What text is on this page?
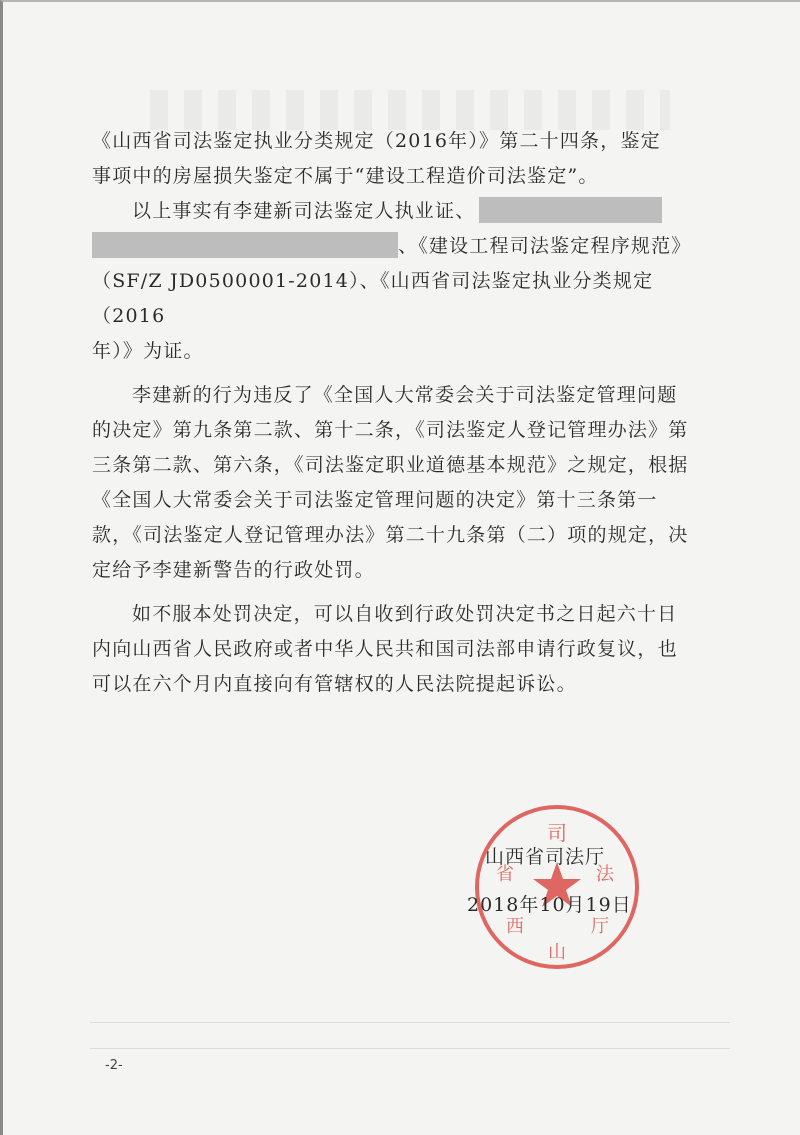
《山西省司法鉴定执业分类规定（2016年）》第二十四条，鉴定

事项中的房屋损失鉴定不属于“建设工程造价司法鉴定”。

以上事实有李建新司法鉴定人执业证、

、《建设工程司法鉴定程序规范》

（SF/Z JD0500001-2014）、《山西省司法鉴定执业分类规定（2016

年）》为证。

李建新的行为违反了《全国人大常委会关于司法鉴定管理问题的决定》第九条第二款、第十二条，《司法鉴定人登记管理办法》第三条第二款、第六条，《司法鉴定职业道德基本规范》之规定，根据《全国人大常委会关于司法鉴定管理问题的决定》第十三条第一款，《司法鉴定人登记管理办法》第二十九条第（二）项的规定，决定给予李建新警告的行政处罚。

如不服本处罚决定，可以自收到行政处罚决定书之日起六十日内向山西省人民政府或者中华人民共和国司法部申请行政复议，也可以在六个月内直接向有管辖权的人民法院提起诉讼。

司
法
省
厅
西
山
山西省司法厅
2018年10月19日
-2-
